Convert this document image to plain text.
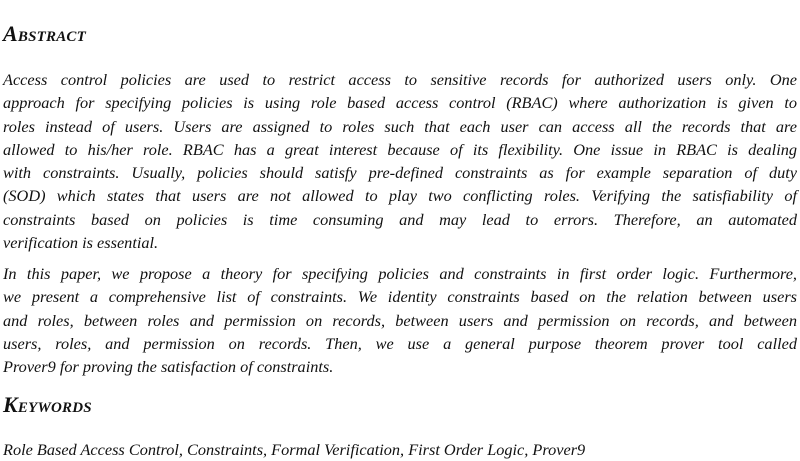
Abstract
Access control policies are used to restrict access to sensitive records for authorized users only. One
approach for specifying policies is using role based access control (RBAC) where authorization is given to
roles instead of users. Users are assigned to roles such that each user can access all the records that are
allowed to his/her role. RBAC has a great interest because of its flexibility. One issue in RBAC is dealing
with constraints. Usually, policies should satisfy pre-defined constraints as for example separation of duty
(SOD) which states that users are not allowed to play two conflicting roles. Verifying the satisfiability of
constraints based on policies is time consuming and may lead to errors. Therefore, an automated
verification is essential.
In this paper, we propose a theory for specifying policies and constraints in first order logic. Furthermore,
we present a comprehensive list of constraints. We identity constraints based on the relation between users
and roles, between roles and permission on records, between users and permission on records, and between
users, roles, and permission on records. Then, we use a general purpose theorem prover tool called
Prover9 for proving the satisfaction of constraints.
Keywords
Role Based Access Control, Constraints, Formal Verification, First Order Logic, Prover9
